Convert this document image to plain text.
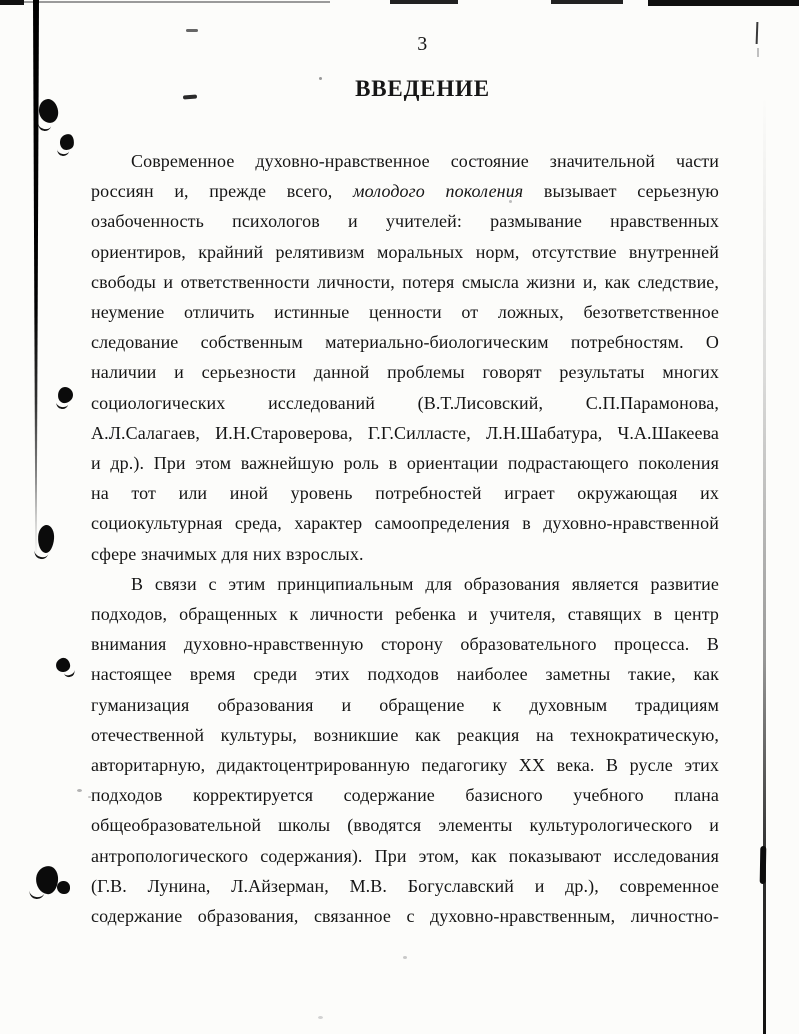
3
ВВЕДЕНИЕ
Современное духовно-нравственное состояние значительной части
россиян и, прежде всего, молодого поколения вызывает серьезную
озабоченность психологов и учителей: размывание нравственных
ориентиров, крайний релятивизм моральных норм, отсутствие внутренней
свободы и ответственности личности, потеря смысла жизни и, как следствие,
неумение отличить истинные ценности от ложных, безответственное
следование собственным материально-биологическим потребностям. О
наличии и серьезности данной проблемы говорят результаты многих
социологических исследований (В.Т.Лисовский, С.П.Парамонова,
А.Л.Салагаев, И.Н.Староверова, Г.Г.Силласте, Л.Н.Шабатура, Ч.А.Шакеева
и др.). При этом важнейшую роль в ориентации подрастающего поколения
на тот или иной уровень потребностей играет окружающая их
социокультурная среда, характер самоопределения в духовно-нравственной
сфере значимых для них взрослых.
В связи с этим принципиальным для образования является развитие
подходов, обращенных к личности ребенка и учителя, ставящих в центр
внимания духовно-нравственную сторону образовательного процесса. В
настоящее время среди этих подходов наиболее заметны такие, как
гуманизация образования и обращение к духовным традициям
отечественной культуры, возникшие как реакция на технократическую,
авторитарную, дидактоцентрированную педагогику XX века. В русле этих
подходов корректируется содержание базисного учебного плана
общеобразовательной школы (вводятся элементы культурологического и
антропологического содержания). При этом, как показывают исследования
(Г.В. Лунина, Л.Айзерман, М.В. Богуславский и др.), современное
содержание образования, связанное с духовно-нравственным, личностно-
